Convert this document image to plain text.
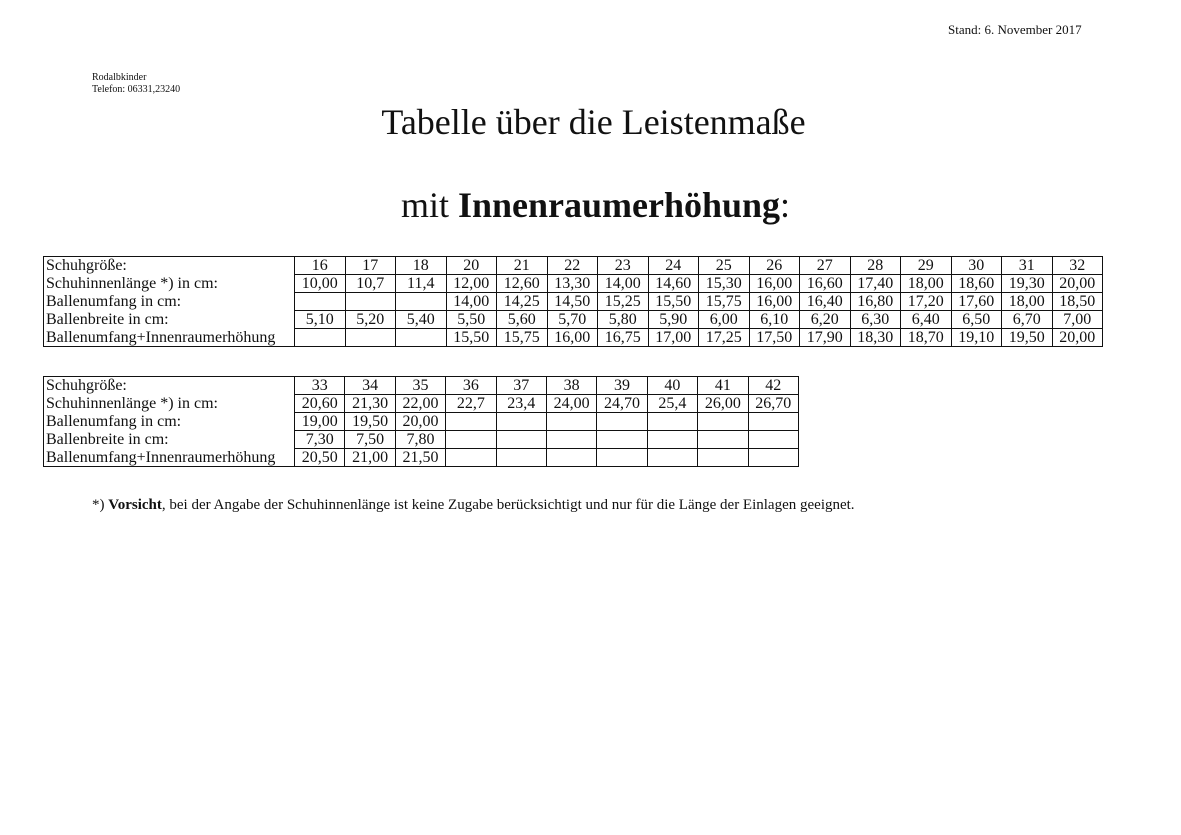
Stand: 6. November 2017
Rodalbkinder
Telefon: 06331,23240
Tabelle über die Leistenmaße
mit Innenraumerhöhung:
Schuhgröße:	16	17	18	20	21	22	23	24	25	26	27	28	29	30	31	32
Schuhinnenlänge *) in cm:	10,00	10,7	11,4	12,00	12,60	13,30	14,00	14,60	15,30	16,00	16,60	17,40	18,00	18,60	19,30	20,00
Ballenumfang in cm:				14,00	14,25	14,50	15,25	15,50	15,75	16,00	16,40	16,80	17,20	17,60	18,00	18,50
Ballenbreite in cm:	5,10	5,20	5,40	5,50	5,60	5,70	5,80	5,90	6,00	6,10	6,20	6,30	6,40	6,50	6,70	7,00
Ballenumfang+Innenraumerhöhung				15,50	15,75	16,00	16,75	17,00	17,25	17,50	17,90	18,30	18,70	19,10	19,50	20,00
Schuhgröße:	33	34	35	36	37	38	39	40	41	42
Schuhinnenlänge *) in cm:	20,60	21,30	22,00	22,7	23,4	24,00	24,70	25,4	26,00	26,70
Ballenumfang in cm:	19,00	19,50	20,00							
Ballenbreite in cm:	7,30	7,50	7,80							
Ballenumfang+Innenraumerhöhung	20,50	21,00	21,50							
*) Vorsicht, bei der Angabe der Schuhinnenlänge ist keine Zugabe berücksichtigt und nur für die Länge der Einlagen geeignet.
